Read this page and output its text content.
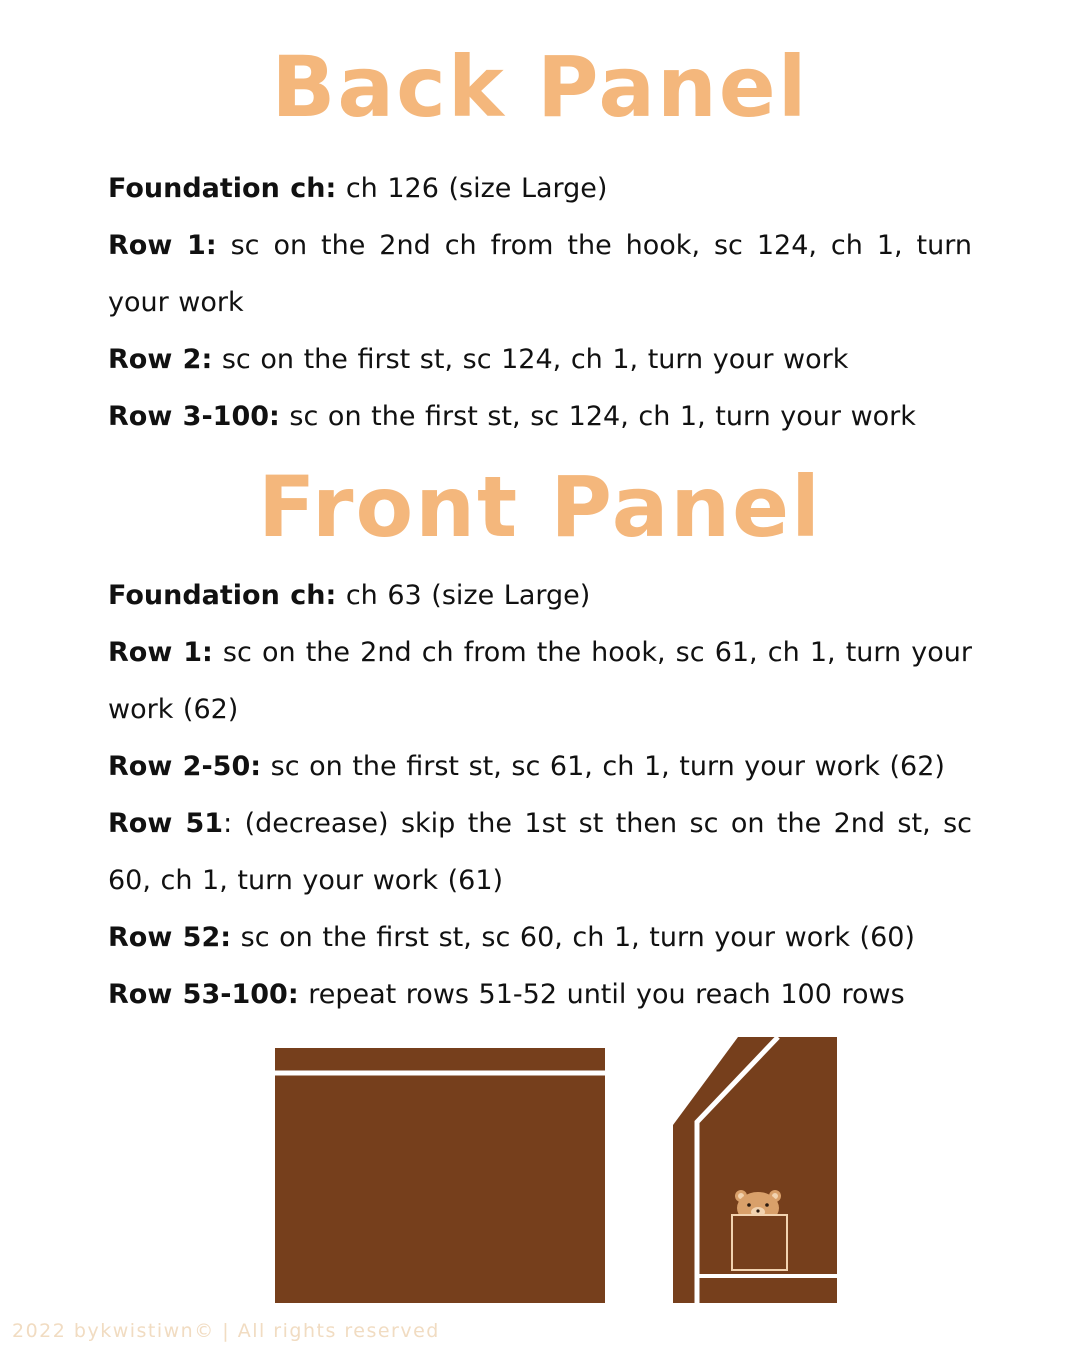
Back Panel

Foundation ch: ch 126 (size Large)

Row 1: sc on the 2nd ch from the hook, sc 124, ch 1, turn your work

Row 2: sc on the first st, sc 124, ch 1, turn your work

Row 3-100: sc on the first st, sc 124, ch 1, turn your work

Front Panel

Foundation ch: ch 63 (size Large)

Row 1: sc on the 2nd ch from the hook, sc 61, ch 1, turn your work (62)

Row 2-50: sc on the first st, sc 61, ch 1, turn your work (62)

Row 51: (decrease) skip the 1st st then sc on the 2nd st, sc 60, ch 1, turn your work (61)

Row 52: sc on the first st, sc 60, ch 1, turn your work (60)

Row 53-100: repeat rows 51-52 until you reach 100 rows

2022 bykwistiwn© | All rights reserved
